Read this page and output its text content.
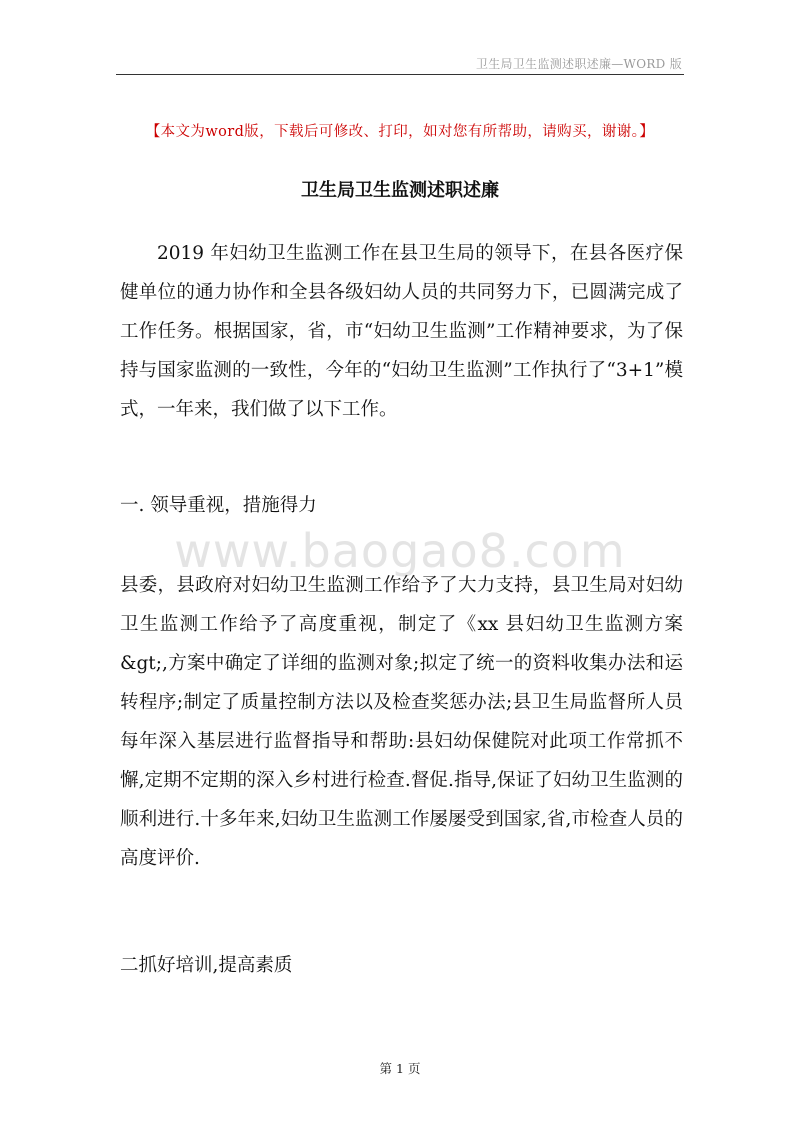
卫生局卫生监测述职述廉—WORD 版
【本文为word版，下载后可修改、打印，如对您有所帮助，请购买，谢谢。】
卫生局卫生监测述职述廉
2019 年妇幼卫生监测工作在县卫生局的领导下，在县各医疗保健单位的通力协作和全县各级妇幼人员的共同努力下，已圆满完成了工作任务。根据国家，省，市“妇幼卫生监测”工作精神要求，为了保持与国家监测的一致性，今年的“妇幼卫生监测”工作执行了“3+1”模式，一年来，我们做了以下工作。
一. 领导重视，措施得力
www.baogao8.com
县委，县政府对妇幼卫生监测工作给予了大力支持，县卫生局对妇幼卫生监测工作给予了高度重视，制定了《xx 县妇幼卫生监测方案&gt;,方案中确定了详细的监测对象;拟定了统一的资料收集办法和运转程序;制定了质量控制方法以及检查奖惩办法;县卫生局监督所人员每年深入基层进行监督指导和帮助:县妇幼保健院对此项工作常抓不懈,定期不定期的深入乡村进行检查.督促.指导,保证了妇幼卫生监测的顺利进行.十多年来,妇幼卫生监测工作屡屡受到国家,省,市检查人员的高度评价.
二抓好培训,提高素质
第 1 页
